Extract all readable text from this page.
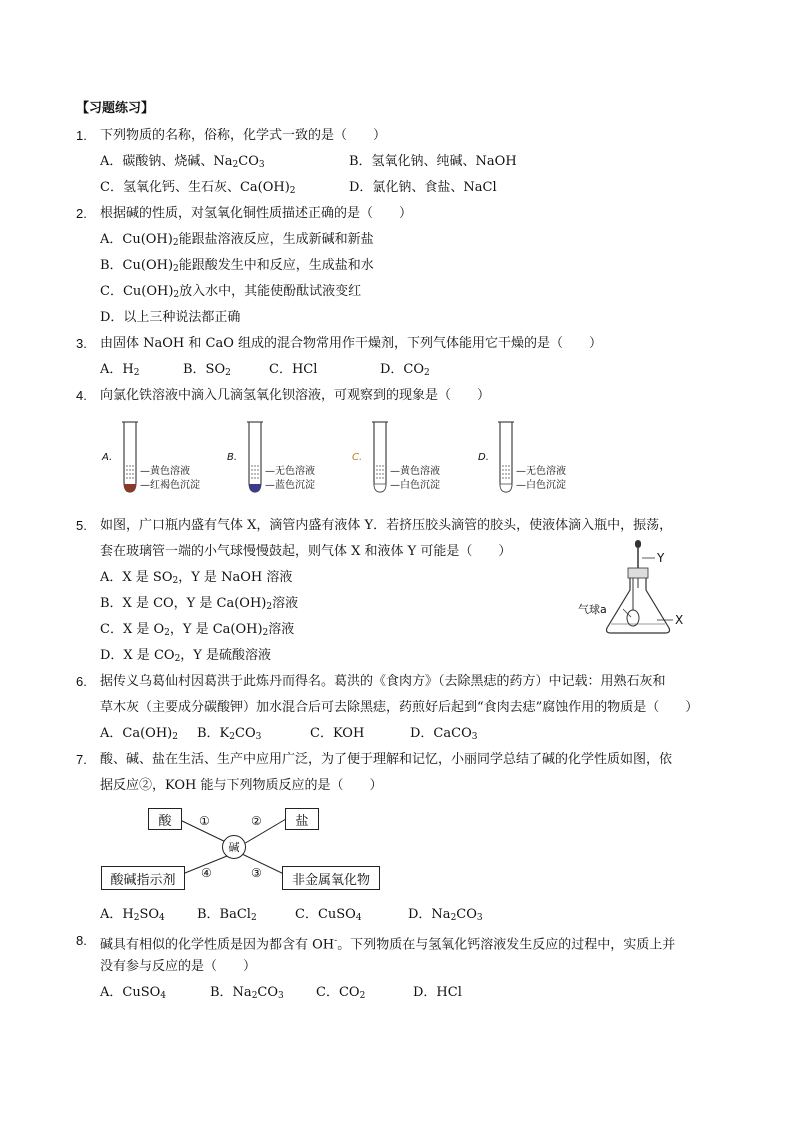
【习题练习】
1. 下列物质的名称，俗称，化学式一致的是（　　）
A．碳酸钠、烧碱、$Na_2CO_3$	B．氢氧化钠、纯碱、NaOH
C．氢氧化钙、生石灰、$Ca(OH)_2$	D．氯化钠、食盐、NaCl
2. 根据碱的性质，对氢氧化铜性质描述正确的是（　　）
A．$Cu(OH)_2$能跟盐溶液反应，生成新碱和新盐
B．$Cu(OH)_2$能跟酸发生中和反应，生成盐和水
C．$Cu(OH)_2$放入水中，其能使酚酞试液变红
D．以上三种说法都正确
3. 由固体 NaOH 和 CaO 组成的混合物常用作干燥剂，下列气体能用它干燥的是（　　）
A．$H_2$	B．$SO_2$	C．HCl	D．$CO_2$
4. 向氯化铁溶液中滴入几滴氢氧化钡溶液，可观察到的现象是（　　）
A.
—黄色溶液
—红褐色沉淀
B.
—无色溶液
—蓝色沉淀
C.
—黄色溶液
—白色沉淀
D.
—无色溶液
—白色沉淀
5. 如图，广口瓶内盛有气体 X，滴管内盛有液体 Y．若挤压胶头滴管的胶头，使液体滴入瓶中，振荡，
套在玻璃管一端的小气球慢慢鼓起，则气体 X 和液体 Y 可能是（　　）
A．X 是 $SO_2$，Y 是 NaOH 溶液
B．X 是 CO，Y 是 $Ca(OH)_2$溶液
C．X 是 $O_2$，Y 是 $Ca(OH)_2$溶液
D．X 是 $CO_2$，Y 是硫酸溶液
Y
X
气球a
6. 据传义乌葛仙村因葛洪于此炼丹而得名。葛洪的《食肉方》（去除黑痣的药方）中记载：用熟石灰和
草木灰（主要成分碳酸钾）加水混合后可去除黑痣，药煎好后起到“食肉去痣”腐蚀作用的物质是（　　）
A．$Ca(OH)_2$ B．$K_2CO_3$	C．KOH	D．CaCO$_3$
7. 酸、碱、盐在生活、生产中应用广泛，为了便于理解和记忆，小丽同学总结了碱的化学性质如图，依
据反应②，KOH 能与下列物质反应的是（　　）
酸	盐
碱
酸碱指示剂	非金属氧化物
①	②
③
④
A．$H_2SO_4$ B．BaCl$_2$	C．CuSO$_4$	D．$Na_2CO_3$
8. 碱具有相似的化学性质是因为都含有 OH-。下列物质在与氢氧化钙溶液发生反应的过程中，实质上并
没有参与反应的是（　　）
A．CuSO$_4$	B．$Na_2CO_3$ C．$CO_2$	D．HCl
